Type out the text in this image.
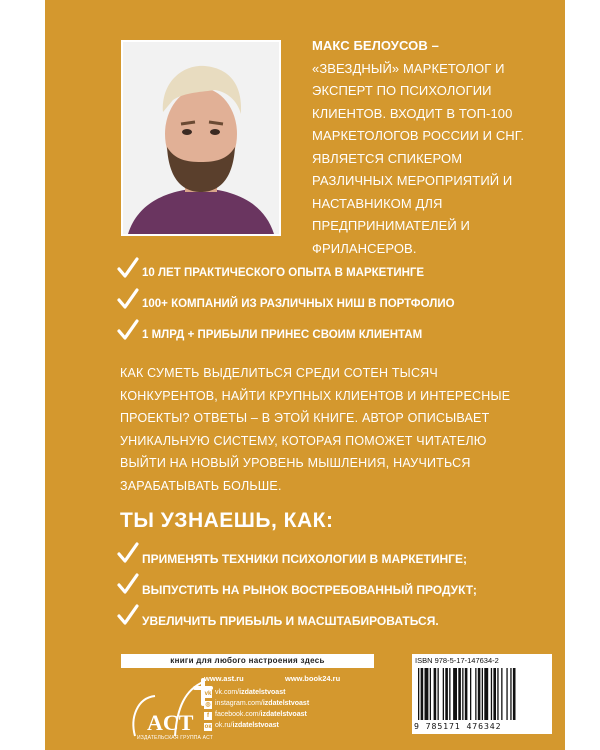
МАКС БЕЛОУСОВ –
«ЗВЕЗДНЫЙ» МАРКЕТОЛОГ И
ЭКСПЕРТ ПО ПСИХОЛОГИИ
КЛИЕНТОВ. ВХОДИТ В ТОП-100
МАРКЕТОЛОГОВ РОССИИ И СНГ.
ЯВЛЯЕТСЯ СПИКЕРОМ
РАЗЛИЧНЫХ МЕРОПРИЯТИЙ И
НАСТАВНИКОМ ДЛЯ
ПРЕДПРИНИМАТЕЛЕЙ И
ФРИЛАНСЕРОВ.
10 ЛЕТ ПРАКТИЧЕСКОГО ОПЫТА В МАРКЕТИНГЕ
100+ КОМПАНИЙ ИЗ РАЗЛИЧНЫХ НИШ В ПОРТФОЛИО
1 МЛРД + ПРИБЫЛИ ПРИНЕС СВОИМ КЛИЕНТАМ
КАК СУМЕТЬ ВЫДЕЛИТЬСЯ СРЕДИ СОТЕН ТЫСЯЧ
КОНКУРЕНТОВ, НАЙТИ КРУПНЫХ КЛИЕНТОВ И ИНТЕРЕСНЫЕ
ПРОЕКТЫ? ОТВЕТЫ – В ЭТОЙ КНИГЕ. АВТОР ОПИСЫВАЕТ
УНИКАЛЬНУЮ СИСТЕМУ, КОТОРАЯ ПОМОЖЕТ ЧИТАТЕЛЮ
ВЫЙТИ НА НОВЫЙ УРОВЕНЬ МЫШЛЕНИЯ, НАУЧИТЬСЯ
ЗАРАБАТЫВАТЬ БОЛЬШЕ.
ТЫ УЗНАЕШЬ, КАК:
ПРИМЕНЯТЬ ТЕХНИКИ ПСИХОЛОГИИ В МАРКЕТИНГЕ;
ВЫПУСТИТЬ НА РЫНОК ВОСТРЕБОВАННЫЙ ПРОДУКТ;
УВЕЛИЧИТЬ ПРИБЫЛЬ И МАСШТАБИРОВАТЬСЯ.
книги для любого настроения здесь
ACT
ИЗДАТЕЛЬСКАЯ ГРУППА АСТ
www.ast.ru	www.book24.ru
vk vk.com/izdatelstvoast
◎ instagram.com/izdatelstvoast
f facebook.com/izdatelstvoast
ок ok.ru/izdatelstvoast
ISBN 978-5-17-147634-2
9 785171 476342
